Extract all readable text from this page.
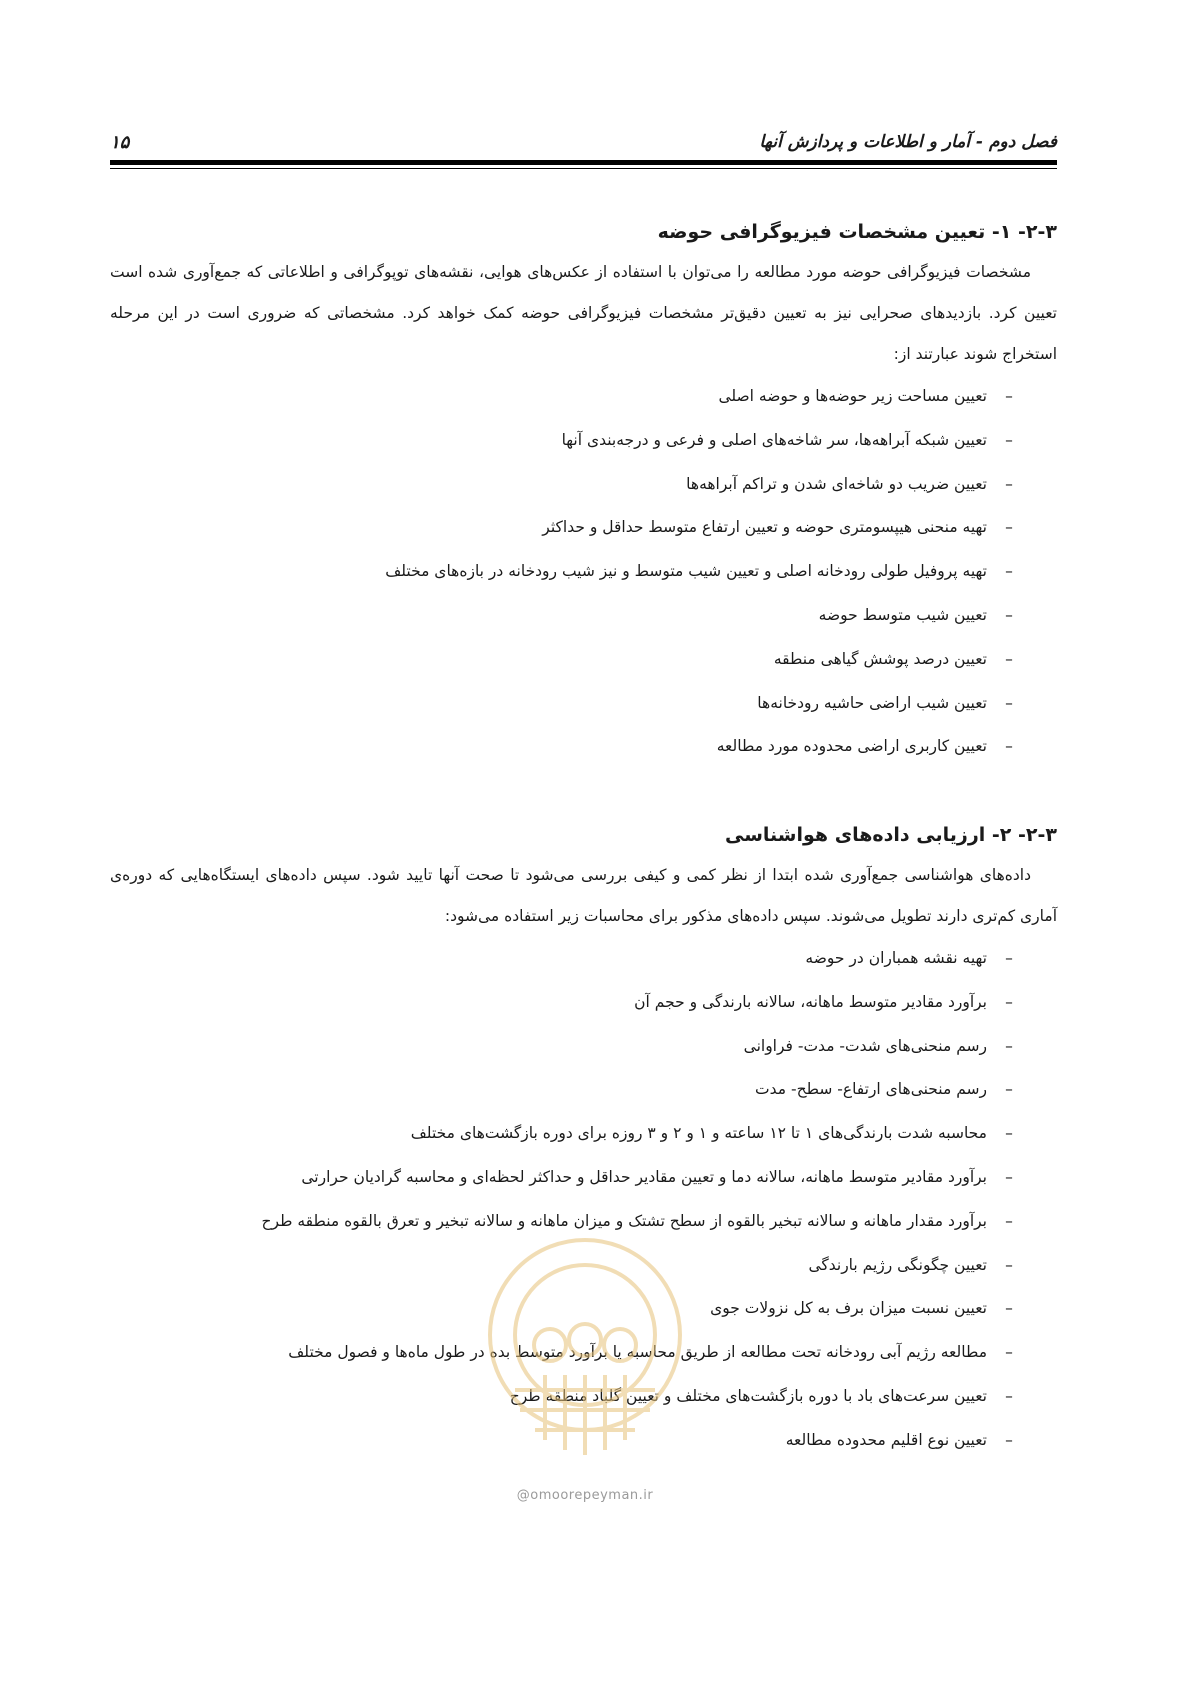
فصل دوم - آمار و اطلاعات و پردازش آنها
۱۵
۲-۳- ۱- تعیین مشخصات فیزیوگرافی حوضه

مشخصات فیزیوگرافی حوضه مورد مطالعه را می‌توان با استفاده از عکس‌های هوایی، نقشه‌های توپوگرافی و اطلاعاتی که جمع‌آوری شده است تعیین کرد. بازدیدهای صحرایی نیز به تعیین دقیق‌تر مشخصات فیزیوگرافی حوضه کمک خواهد کرد. مشخصاتی که ضروری است در این مرحله استخراج شوند عبارتند از:

–
تعیین مساحت زیر حوضه‌ها و حوضه اصلی
–
تعیین شبکه آبراهه‌ها، سر شاخه‌های اصلی و فرعی و درجه‌بندی آنها
–
تعیین ضریب دو شاخه‌ای شدن و تراکم آبراهه‌ها
–
تهیه منحنی هیپسومتری حوضه و تعیین ارتفاع متوسط حداقل و حداکثر
–
تهیه پروفیل طولی رودخانه اصلی و تعیین شیب متوسط و نیز شیب رودخانه در بازه‌های مختلف
–
تعیین شیب متوسط حوضه
–
تعیین درصد پوشش گیاهی منطقه
–
تعیین شیب اراضی حاشیه رودخانه‌ها
–
تعیین کاربری اراضی محدوده مورد مطالعه
۲-۳- ۲- ارزیابی داده‌های هواشناسی

داده‌های هواشناسی جمع‌آوری شده ابتدا از نظر کمی و کیفی بررسی می‌شود تا صحت آنها تایید شود. سپس داده‌های ایستگاه‌هایی که دوره‌ی آماری کم‌تری دارند تطویل می‌شوند. سپس داده‌های مذکور برای محاسبات زیر استفاده می‌شود:

–
تهیه نقشه همباران در حوضه
–
برآورد مقادیر متوسط ماهانه، سالانه بارندگی و حجم آن
–
رسم منحنی‌های شدت- مدت- فراوانی
–
رسم منحنی‌های ارتفاع- سطح- مدت
–
محاسبه شدت بارندگی‌های ۱ تا ۱۲ ساعته و ۱ و ۲ و ۳ روزه برای دوره بازگشت‌های مختلف
–
برآورد مقادیر متوسط ماهانه، سالانه دما و تعیین مقادیر حداقل و حداکثر لحظه‌ای و محاسبه گرادیان حرارتی
–
برآورد مقدار ماهانه و سالانه تبخیر بالقوه از سطح تشتک و میزان ماهانه و سالانه تبخیر و تعرق بالقوه منطقه طرح
–
تعیین چگونگی رژیم بارندگی
–
تعیین نسبت میزان برف به کل نزولات جوی
–
مطالعه رژیم آبی رودخانه تحت مطالعه از طریق محاسبه یا برآورد متوسط بده در طول ماه‌ها و فصول مختلف
–
تعیین سرعت‌های باد با دوره بازگشت‌های مختلف و تعیین گلباد منطقه طرح
–
تعیین نوع اقلیم محدوده مطالعه
@omoorepeyman.ir
